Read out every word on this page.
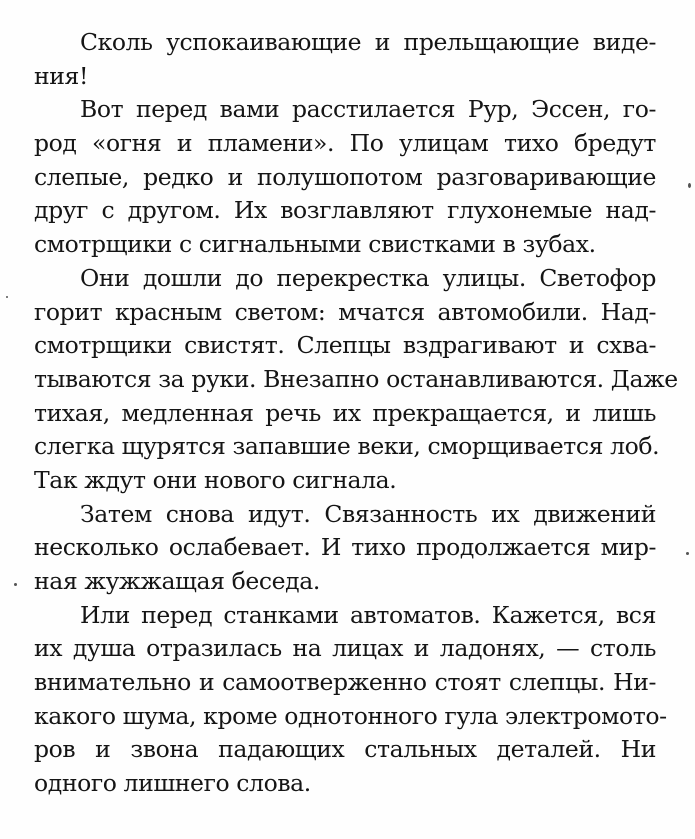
Сколь успокаивающие и прельщающие виде-
ния!
Вот перед вами расстилается Рур, Эссен, го-
род «огня и пламени». По улицам тихо бредут
слепые, редко и полушопотом разговаривающие
друг с другом. Их возглавляют глухонемые над-
смотрщики с сигнальными свистками в зубах.
Они дошли до перекрестка улицы. Светофор
горит красным светом: мчатся автомобили. Над-
смотрщики свистят. Слепцы вздрагивают и схва-
тываются за руки. Внезапно останавливаются. Даже
тихая, медленная речь их прекращается, и лишь
слегка щурятся запавшие веки, сморщивается лоб.
Так ждут они нового сигнала.
Затем снова идут. Связанность их движений
несколько ослабевает. И тихо продолжается мир-
ная жужжащая беседа.
Или перед станками автоматов. Кажется, вся
их душа отразилась на лицах и ладонях, — столь
внимательно и самоотверженно стоят слепцы. Ни-
какого шума, кроме однотонного гула электромото-
ров и звона падающих стальных деталей. Ни
одного лишнего слова.
